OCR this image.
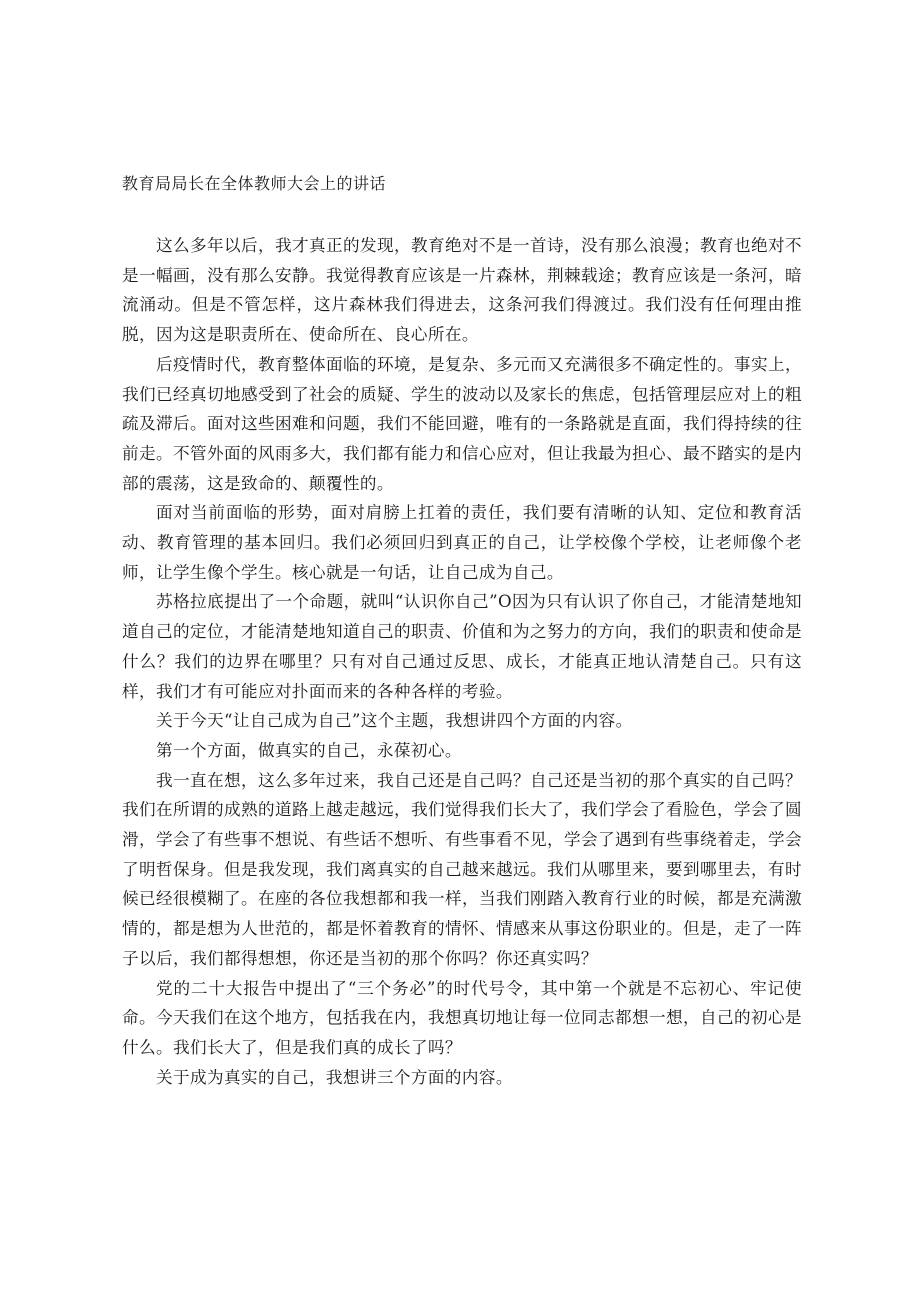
教育局局长在全体教师大会上的讲话

这么多年以后，我才真正的发现，教育绝对不是一首诗，没有那么浪漫；教育也绝对不是一幅画，没有那么安静。我觉得教育应该是一片森林，荆棘载途；教育应该是一条河，暗流涌动。但是不管怎样，这片森林我们得进去，这条河我们得渡过。我们没有任何理由推脱，因为这是职责所在、使命所在、良心所在。

后疫情时代，教育整体面临的环境，是复杂、多元而又充满很多不确定性的。事实上，我们已经真切地感受到了社会的质疑、学生的波动以及家长的焦虑，包括管理层应对上的粗疏及滞后。面对这些困难和问题，我们不能回避，唯有的一条路就是直面，我们得持续的往前走。不管外面的风雨多大，我们都有能力和信心应对，但让我最为担心、最不踏实的是内部的震荡，这是致命的、颠覆性的。

面对当前面临的形势，面对肩膀上扛着的责任，我们要有清晰的认知、定位和教育活动、教育管理的基本回归。我们必须回归到真正的自己，让学校像个学校，让老师像个老师，让学生像个学生。核心就是一句话，让自己成为自己。

苏格拉底提出了一个命题，就叫“认识你自己”O因为只有认识了你自己，才能清楚地知道自己的定位，才能清楚地知道自己的职责、价值和为之努力的方向，我们的职责和使命是什么？我们的边界在哪里？只有对自己通过反思、成长，才能真正地认清楚自己。只有这样，我们才有可能应对扑面而来的各种各样的考验。

关于今天“让自己成为自己”这个主题，我想讲四个方面的内容。

第一个方面，做真实的自己，永葆初心。

我一直在想，这么多年过来，我自己还是自己吗？自己还是当初的那个真实的自己吗？我们在所谓的成熟的道路上越走越远，我们觉得我们长大了，我们学会了看脸色，学会了圆滑，学会了有些事不想说、有些话不想听、有些事看不见，学会了遇到有些事绕着走，学会了明哲保身。但是我发现，我们离真实的自己越来越远。我们从哪里来，要到哪里去，有时候已经很模糊了。在座的各位我想都和我一样，当我们刚踏入教育行业的时候，都是充满激情的，都是想为人世范的，都是怀着教育的情怀、情感来从事这份职业的。但是，走了一阵子以后，我们都得想想，你还是当初的那个你吗？你还真实吗？

党的二十大报告中提出了“三个务必”的时代号令，其中第一个就是不忘初心、牢记使命。今天我们在这个地方，包括我在内，我想真切地让每一位同志都想一想，自己的初心是什么。我们长大了，但是我们真的成长了吗？

关于成为真实的自己，我想讲三个方面的内容。
